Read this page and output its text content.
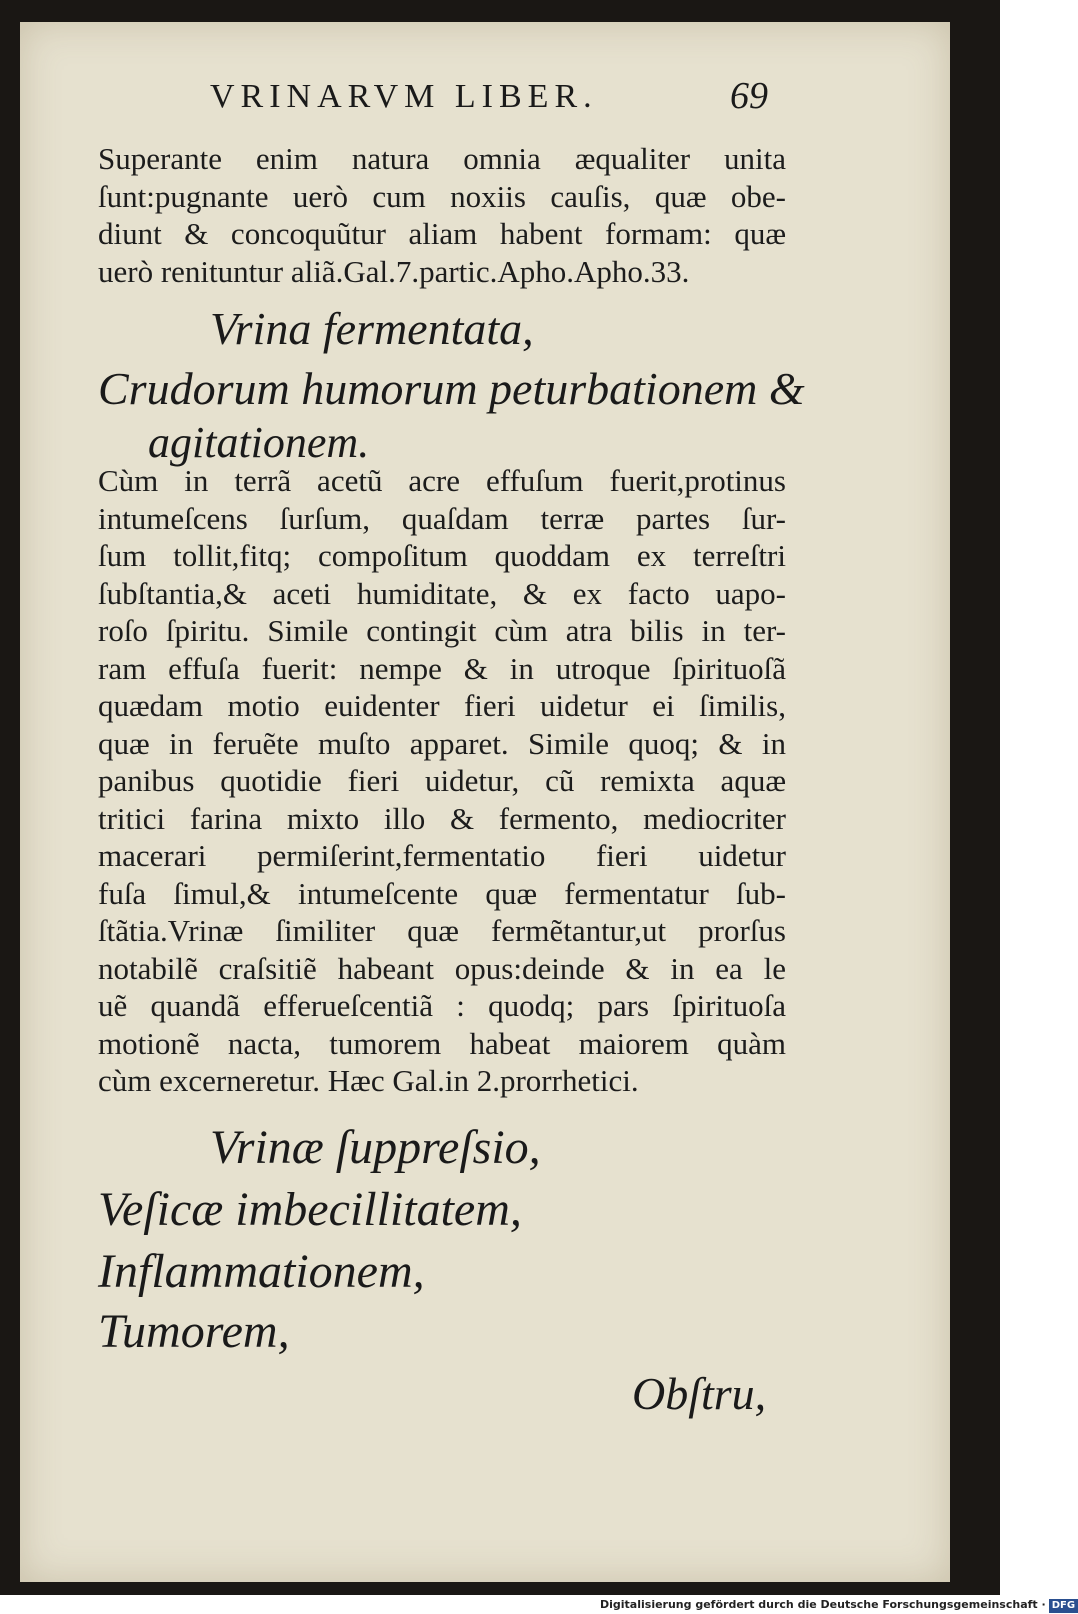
VRINARVM LIBER.	69
Superante enim natura omnia æqualiter unita
ſunt:pugnante uerò cum noxiis cauſis, quæ obe-
diunt & concoquũtur aliam habent formam: quæ
uerò renituntur aliã.Gal.7.partic.Apho.Apho.33.
Vrina fermentata,
Crudorum humorum peturbationem &
agitationem.
Cùm in terrã acetũ acre effuſum fuerit,protinus
intumeſcens ſurſum, quaſdam terræ partes ſur-
ſum tollit,fitq; compoſitum quoddam ex terreſtri
ſubſtantia,& aceti humiditate, & ex facto uapo-
roſo ſpiritu. Simile contingit cùm atra bilis in ter-
ram effuſa fuerit: nempe & in utroque ſpirituoſã
quædam motio euidenter fieri uidetur ei ſimilis,
quæ in feruẽte muſto apparet. Simile quoq; & in
panibus quotidie fieri uidetur, cũ remixta aquæ
tritici farina mixto illo & fermento, mediocriter
macerari permiſerint,fermentatio fieri uidetur
fuſa ſimul,& intumeſcente quæ fermentatur ſub-
ſtãtia.Vrinæ ſimiliter quæ fermẽtantur,ut prorſus
notabilẽ craſsitiẽ habeant opus:deinde & in ea le
uẽ quandã efferueſcentiã : quodq; pars ſpirituoſa
motionẽ nacta, tumorem habeat maiorem quàm
cùm excerneretur. Hæc Gal.in 2.prorrhetici.
Vrinæ ſuppreſsio,
Veſicæ imbecillitatem,
Inflammationem,
Tumorem,
Obſtru,
Digitalisierung gefördert durch die Deutsche Forschungsgemeinschaft · DFG
